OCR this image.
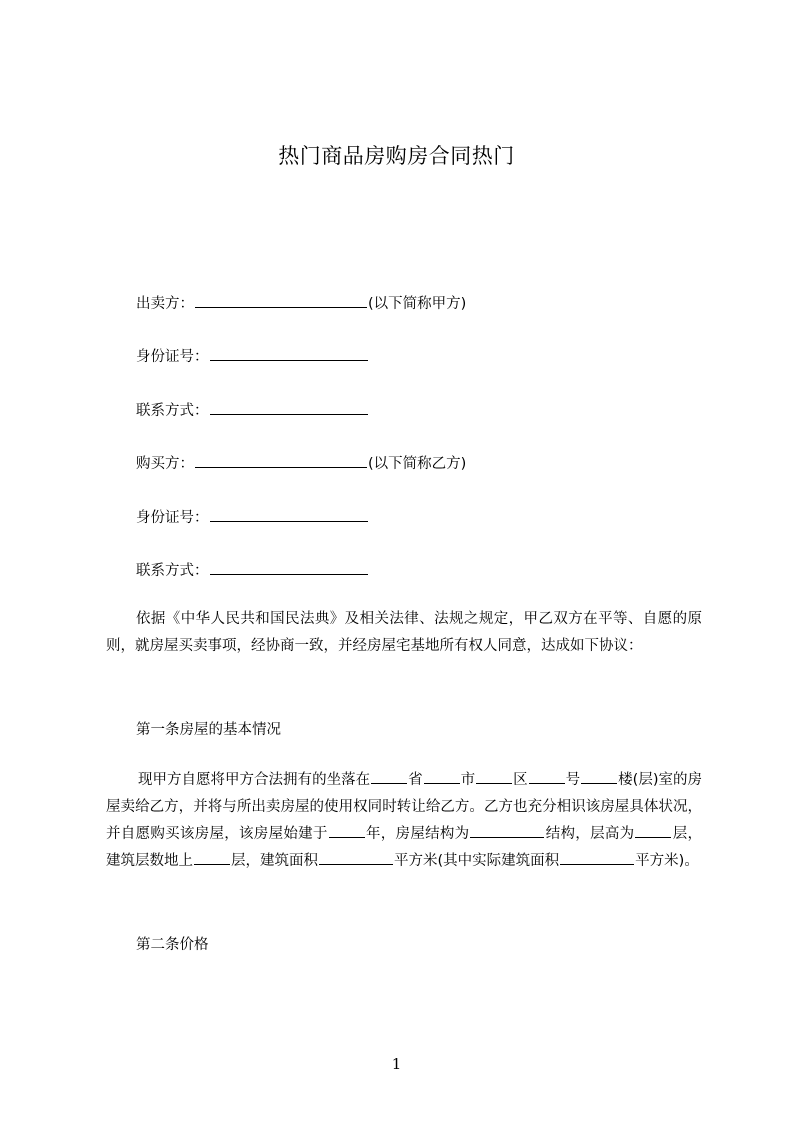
热门商品房购房合同热门
出卖方：	(以下简称甲方)
身份证号：
联系方式：
购买方：	(以下简称乙方)
身份证号：
联系方式：
依据《中华人民共和国民法典》及相关法律、法规之规定，甲乙双方在平等、自愿的原则，就房屋买卖事项，经协商一致，并经房屋宅基地所有权人同意，达成如下协议：
第一条房屋的基本情况
现甲方自愿将甲方合法拥有的坐落在	省	市	区	号	楼(层)室的房屋卖给乙方，并将与所出卖房屋的使用权同时转让给乙方。乙方也充分相识该房屋具体状况，并自愿购买该房屋，该房屋始建于	年，房屋结构为	结构，层高为	层，建筑层数地上	层，建筑面积	平方米(其中实际建筑面积	平方米)。
第二条价格
1
